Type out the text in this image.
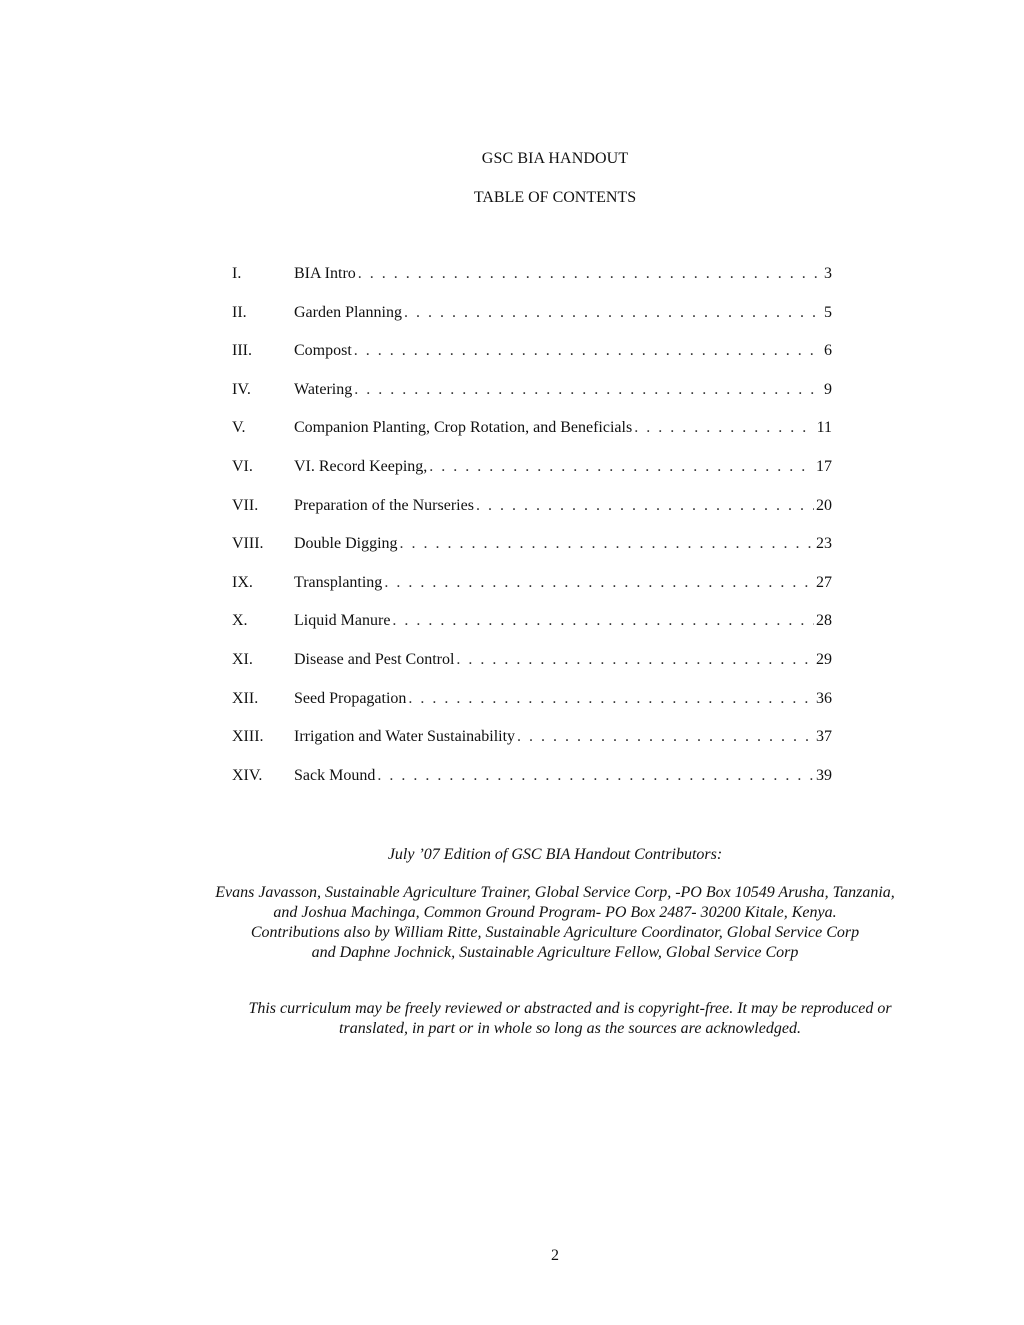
GSC BIA HANDOUT
TABLE OF CONTENTS
I.	BIA Intro . . .	3
II.	Garden Planning . . .	5
III.	Compost . . .	6
IV.	Watering . . .	9
V.	Companion Planting, Crop Rotation, and Beneficials . . .	11
VI.	VI. Record Keeping, . . .	17
VII.	Preparation of the Nurseries . . .	20
VIII.	Double Digging . . .	23
IX.	Transplanting . . .	27
X.	Liquid Manure . . .	28
XI.	Disease and Pest Control . . .	29
XII.	Seed Propagation . . .	36
XIII.	Irrigation and Water Sustainability . . .	37
XIV.	Sack Mound . . .	39
July ’07 Edition of GSC BIA Handout Contributors:
Evans Javasson, Sustainable Agriculture Trainer, Global Service Corp, -PO Box 10549 Arusha, Tanzania,
and Joshua Machinga, Common Ground Program- PO Box 2487- 30200 Kitale, Kenya.
Contributions also by William Ritte, Sustainable Agriculture Coordinator, Global Service Corp
and Daphne Jochnick, Sustainable Agriculture Fellow, Global Service Corp
This curriculum may be freely reviewed or abstracted and is copyright-free. It may be reproduced or
translated, in part or in whole so long as the sources are acknowledged.
2
